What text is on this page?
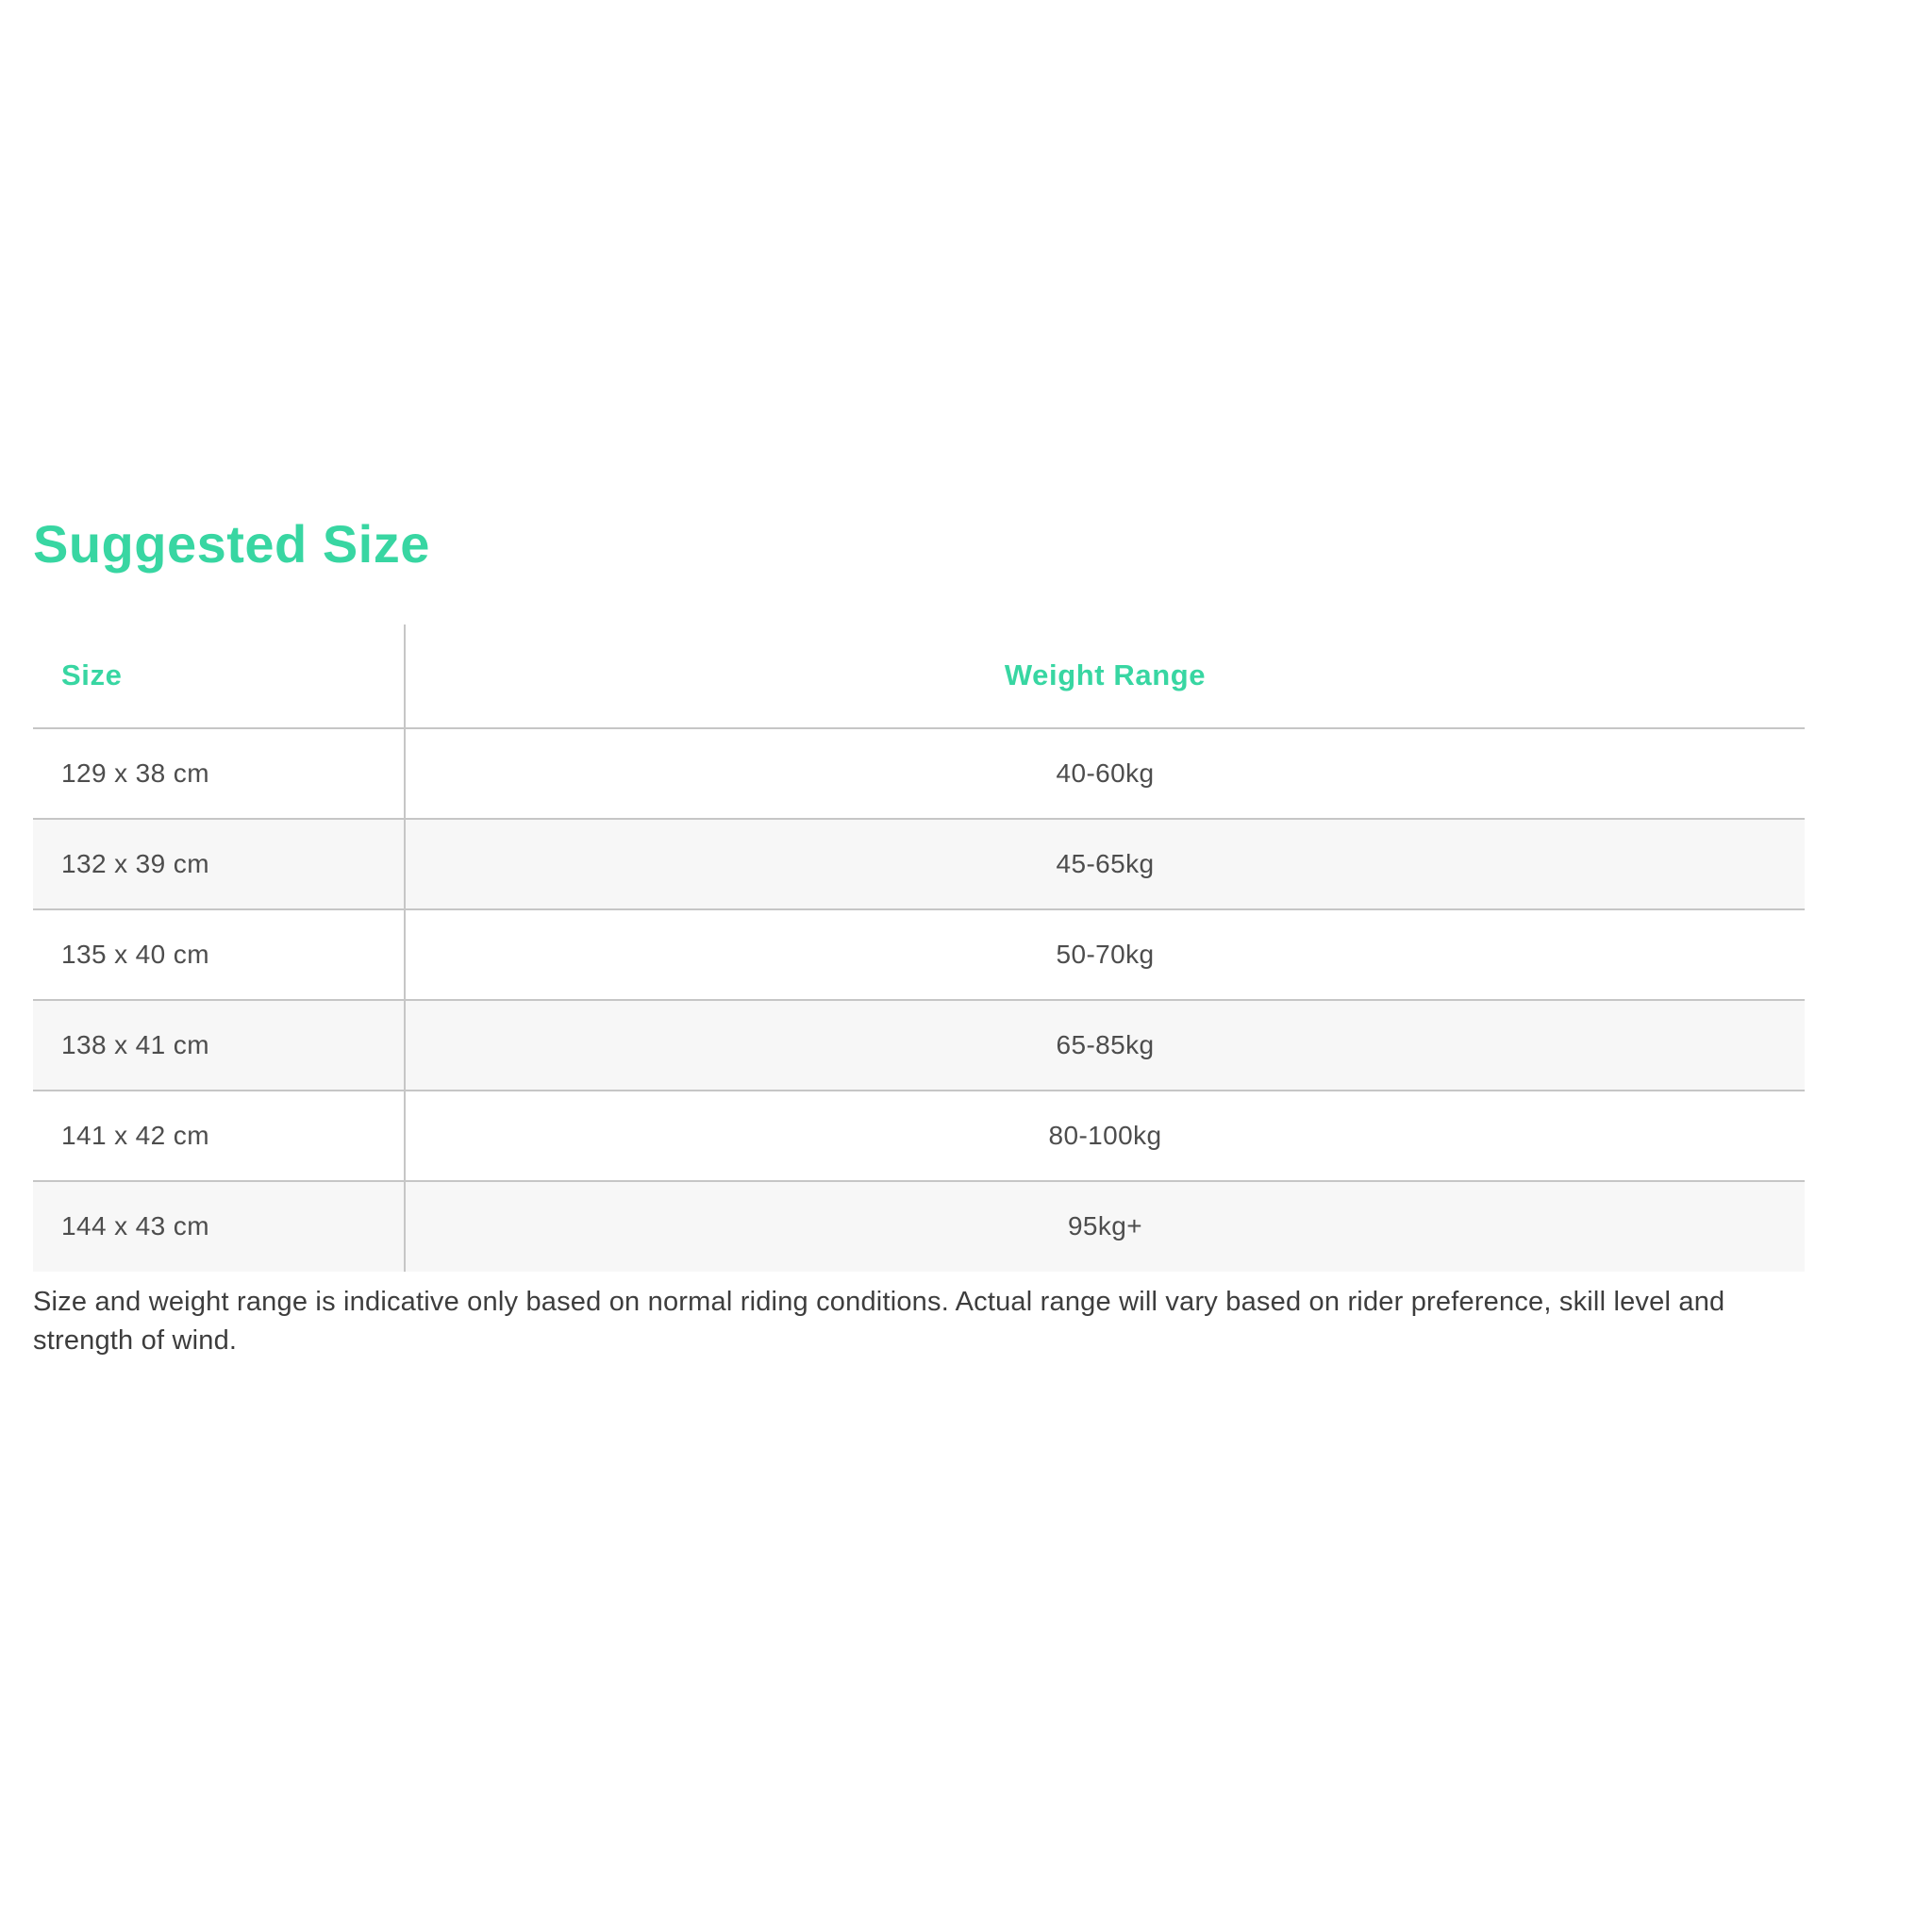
Suggested Size
Size	Weight Range
129 x 38 cm	40-60kg
132 x 39 cm	45-65kg
135 x 40 cm	50-70kg
138 x 41 cm	65-85kg
141 x 42 cm	80-100kg
144 x 43 cm	95kg+

Size and weight range is indicative only based on normal riding conditions. Actual range will vary based on rider preference, skill level and strength of wind.
